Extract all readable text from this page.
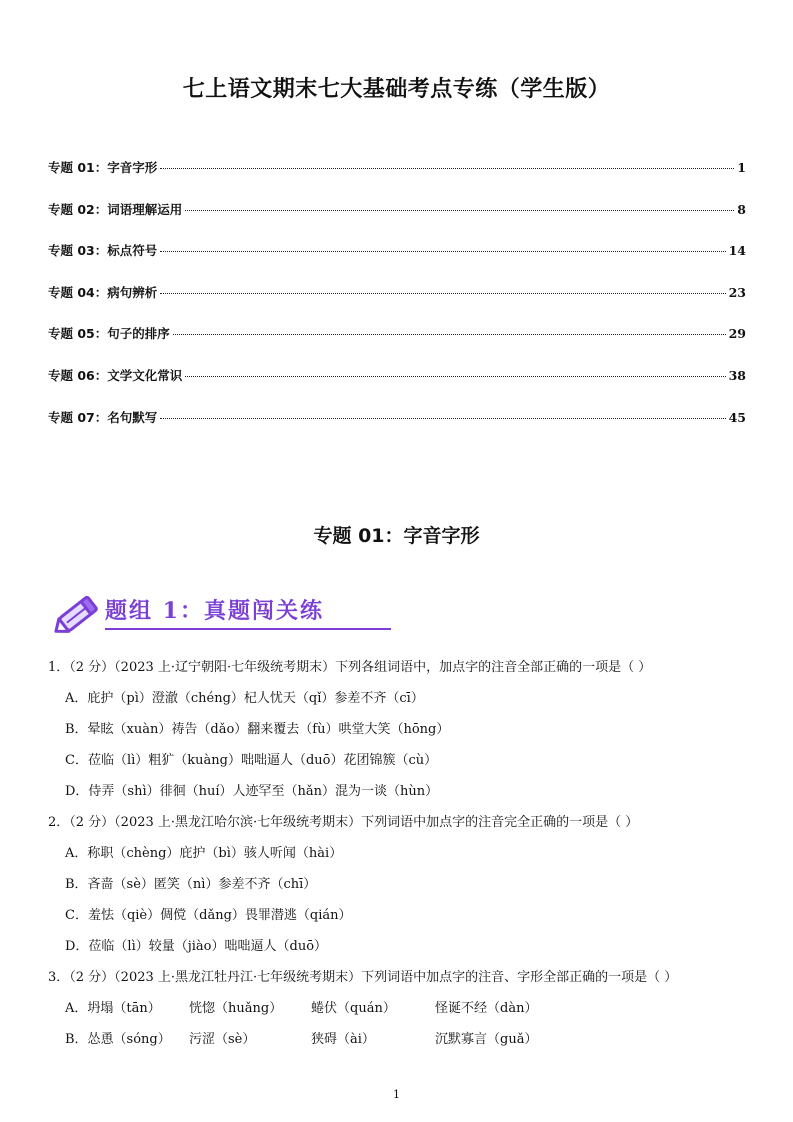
七上语文期末七大基础考点专练（学生版）
专题 01：字音字形	1
专题 02：词语理解运用	8
专题 03：标点符号	14
专题 04：病句辨析	23
专题 05：句子的排序	29
专题 06：文学文化常识	38
专题 07：名句默写	45
专题 01：字音字形
题组 1：真题闯关练
1．（2 分）（2023 上·辽宁朝阳·七年级统考期末）下列各组词语中，加点字的注音全部正确的一项是（ ）
A．庇护（pì）澄澈（chéng）杞人忧天（qǐ）参差不齐（cī）
B．晕眩（xuàn）祷告（dǎo）翻来覆去（fù）哄堂大笑（hōng）
C．莅临（lì）粗犷（kuàng）咄咄逼人（duō）花团锦簇（cù）
D．侍弄（shì）徘徊（huí）人迹罕至（hǎn）混为一谈（hùn）
2．（2 分）（2023 上·黑龙江哈尔滨·七年级统考期末）下列词语中加点字的注音完全正确的一项是（ ）
A．称职（chèng）庇护（bì）骇人听闻（hài）
B．吝啬（sè）匿笑（nì）参差不齐（chī）
C．羞怯（qiè）倜傥（dǎng）畏罪潜逃（qián）
D．莅临（lì）较量（jiào）咄咄逼人（duō）
3．（2 分）（2023 上·黑龙江牡丹江·七年级统考期末）下列词语中加点字的注音、字形全部正确的一项是（ ）
A．坍塌（tān） 恍惚（huǎng） 蜷伏（quán）	怪诞不经（dàn）
B．怂恿（sóng） 污涩（sè）	狭碍（ài）	沉默寡言（guǎ）
1
